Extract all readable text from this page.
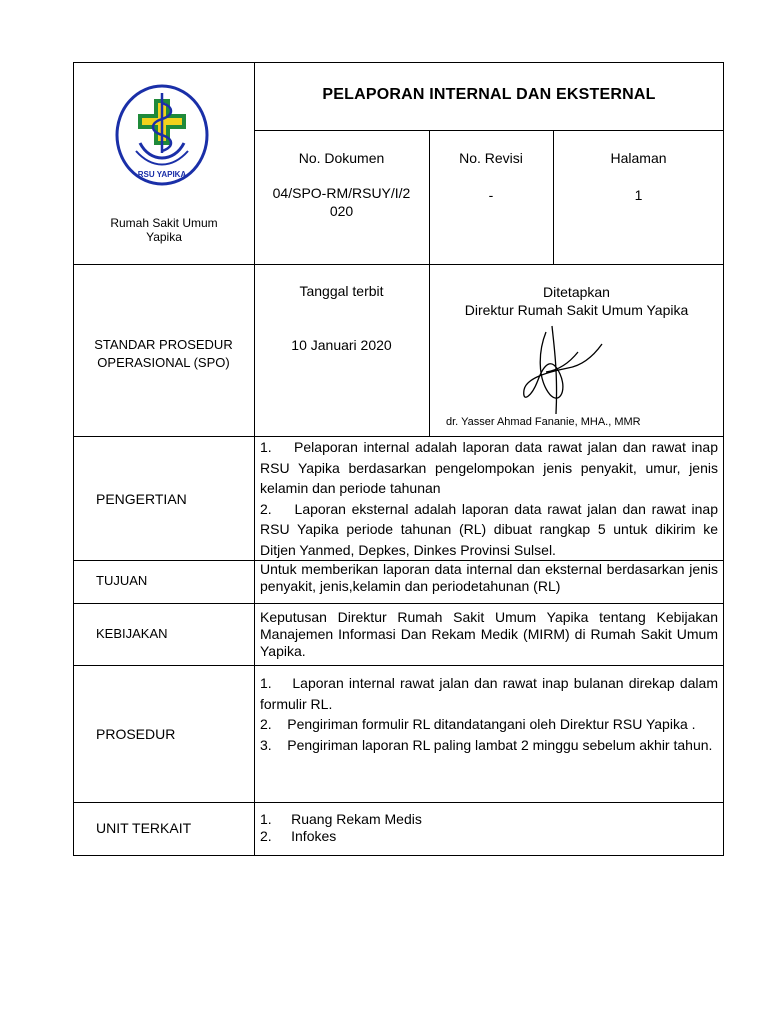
RSU YAPIKA
Rumah Sakit Umum Yapika
PELAPORAN INTERNAL DAN EKSTERNAL
No. Dokumen
04/SPO-RM/RSUY/I/2020
No. Revisi
-
Halaman
1
STANDAR PROSEDUR OPERASIONAL (SPO)
Tanggal terbit
10 Januari 2020
Ditetapkan
Direktur Rumah Sakit Umum Yapika
dr. Yasser Ahmad Fananie, MHA., MMR
PENGERTIAN
1.    Pelaporan internal adalah laporan data rawat jalan dan rawat inap RSU Yapika berdasarkan pengelompokan jenis penyakit, umur, jenis kelamin dan periode tahunan
2.    Laporan eksternal adalah laporan data rawat jalan dan rawat inap RSU Yapika periode tahunan (RL) dibuat rangkap 5 untuk dikirim ke Ditjen Yanmed, Depkes, Dinkes Provinsi Sulsel.
TUJUAN
Untuk memberikan laporan data internal dan eksternal berdasarkan jenis penyakit, jenis,kelamin dan periodetahunan (RL)
KEBIJAKAN
Keputusan Direktur Rumah Sakit Umum Yapika tentang Kebijakan Manajemen Informasi Dan Rekam Medik (MIRM) di Rumah Sakit Umum Yapika.
PROSEDUR
1.    Laporan internal rawat jalan dan rawat inap bulanan direkap dalam formulir RL.
2.    Pengiriman formulir RL ditandatangani oleh Direktur RSU Yapika .
3.    Pengiriman laporan RL paling lambat 2 minggu sebelum akhir tahun.
UNIT TERKAIT
1.     Ruang Rekam Medis
2.     Infokes
